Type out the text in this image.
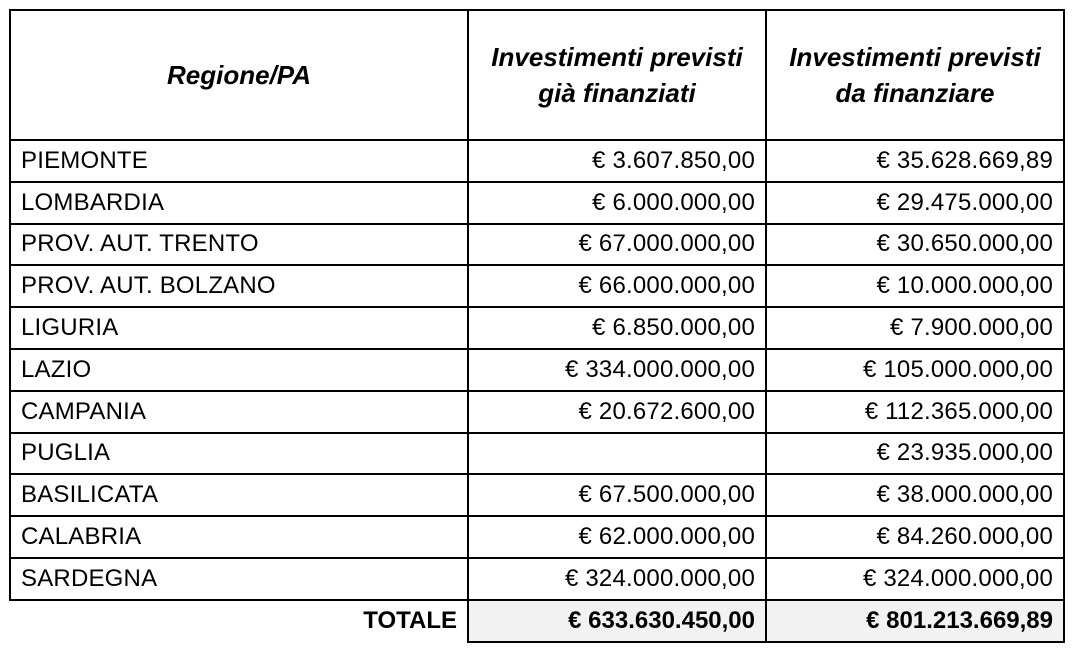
Regione/PA	Investimenti previsti già finanziati	Investimenti previsti da finanziare
PIEMONTE	€ 3.607.850,00	€ 35.628.669,89
LOMBARDIA	€ 6.000.000,00	€ 29.475.000,00
PROV. AUT. TRENTO	€ 67.000.000,00	€ 30.650.000,00
PROV. AUT. BOLZANO	€ 66.000.000,00	€ 10.000.000,00
LIGURIA	€ 6.850.000,00	€ 7.900.000,00
LAZIO	€ 334.000.000,00	€ 105.000.000,00
CAMPANIA	€ 20.672.600,00	€ 112.365.000,00
PUGLIA		€ 23.935.000,00
BASILICATA	€ 67.500.000,00	€ 38.000.000,00
CALABRIA	€ 62.000.000,00	€ 84.260.000,00
SARDEGNA	€ 324.000.000,00	€ 324.000.000,00
TOTALE	€ 633.630.450,00	€ 801.213.669,89
